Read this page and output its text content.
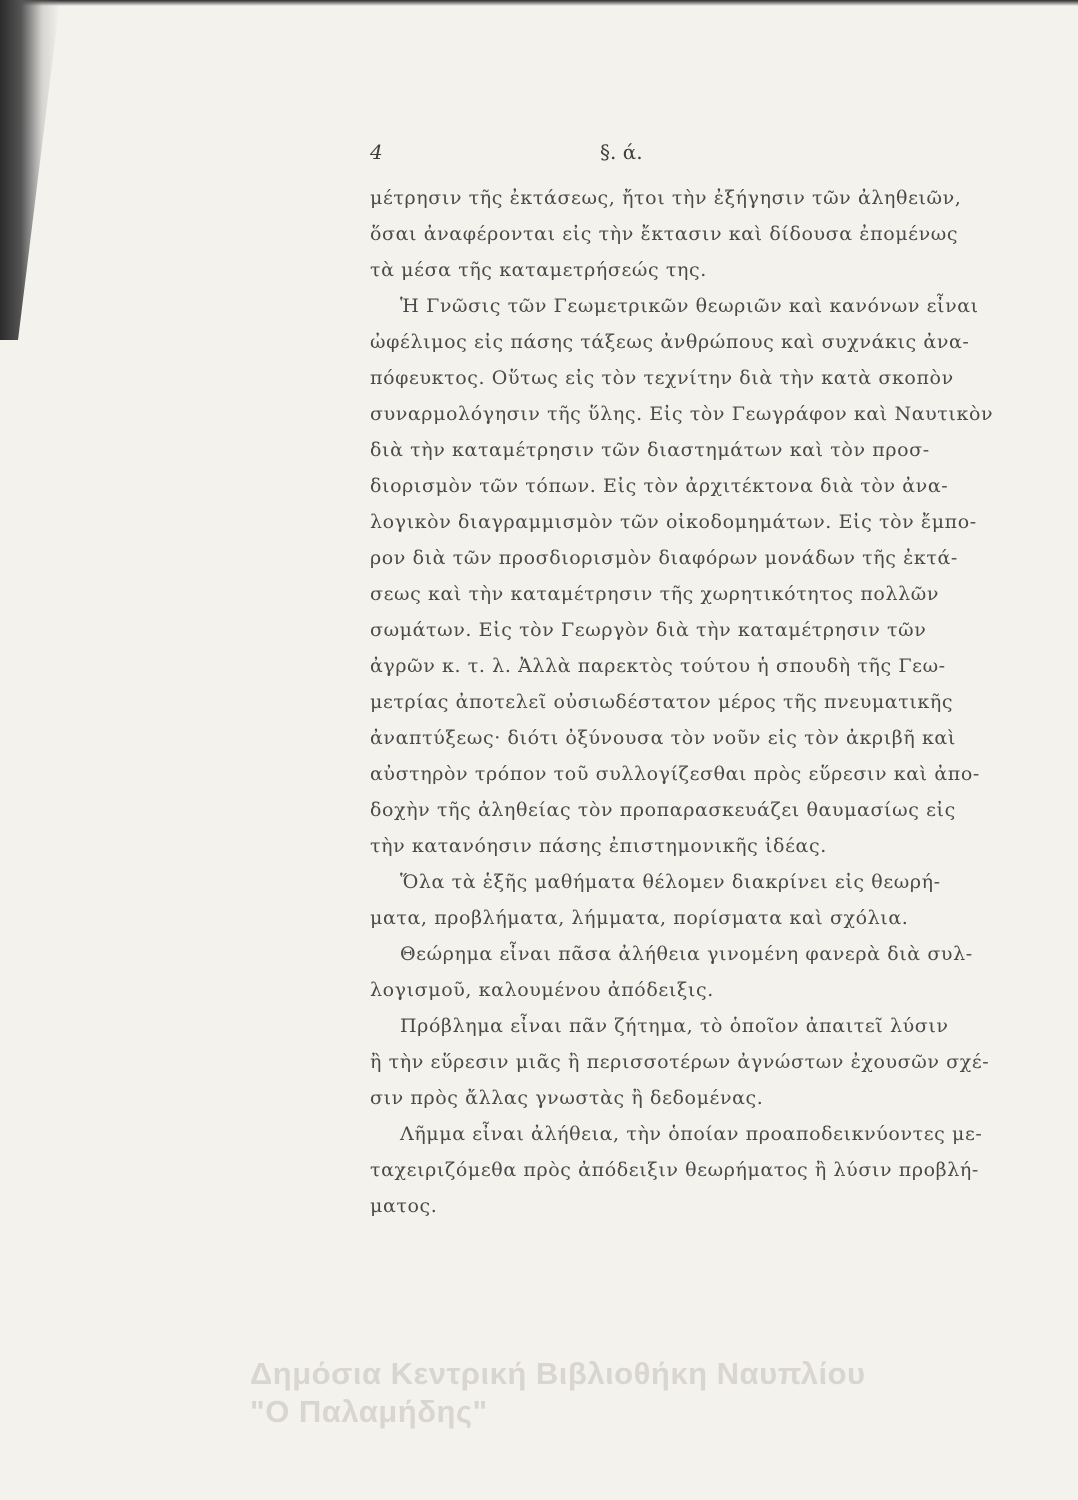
4	§. ά.
μέτρησιν τῆς ἐκτάσεως, ἤτοι τὴν ἐξήγησιν τῶν ἀληθειῶν,
ὅσαι ἀναφέρονται εἰς τὴν ἔκτασιν καὶ δίδουσα ἐπομένως
τὰ μέσα τῆς καταμετρήσεώς της.
Ἡ Γνῶσις τῶν Γεωμετρικῶν θεωριῶν καὶ κανόνων εἶναι
ὠφέλιμος εἰς πάσης τάξεως ἀνθρώπους καὶ συχνάκις ἀνα-
πόφευκτος. Οὕτως εἰς τὸν τεχνίτην διὰ τὴν κατὰ σκοπὸν
συναρμολόγησιν τῆς ὕλης. Εἰς τὸν Γεωγράφον καὶ Ναυτικὸν
διὰ τὴν καταμέτρησιν τῶν διαστημάτων καὶ τὸν προσ-
διορισμὸν τῶν τόπων. Εἰς τὸν ἀρχιτέκτονα διὰ τὸν ἀνα-
λογικὸν διαγραμμισμὸν τῶν οἰκοδομημάτων. Εἰς τὸν ἔμπο-
ρον διὰ τῶν προσδιορισμὸν διαφόρων μονάδων τῆς ἐκτά-
σεως καὶ τὴν καταμέτρησιν τῆς χωρητικότητος πολλῶν
σωμάτων. Εἰς τὸν Γεωργὸν διὰ τὴν καταμέτρησιν τῶν
ἀγρῶν κ. τ. λ. Ἀλλὰ παρεκτὸς τούτου ἡ σπουδὴ τῆς Γεω-
μετρίας ἀποτελεῖ οὐσιωδέστατον μέρος τῆς πνευματικῆς
ἀναπτύξεως· διότι ὀξύνουσα τὸν νοῦν εἰς τὸν ἀκριβῆ καὶ
αὐστηρὸν τρόπον τοῦ συλλογίζεσθαι πρὸς εὕρεσιν καὶ ἀπο-
δοχὴν τῆς ἀληθείας τὸν προπαρασκευάζει θαυμασίως εἰς
τὴν κατανόησιν πάσης ἐπιστημονικῆς ἰδέας.
Ὅλα τὰ ἑξῆς μαθήματα θέλομεν διακρίνει εἰς θεωρή-
ματα, προβλήματα, λήμματα, πορίσματα καὶ σχόλια.
Θεώρημα εἶναι πᾶσα ἀλήθεια γινομένη φανερὰ διὰ συλ-
λογισμοῦ, καλουμένου ἀπόδειξις.
Πρόβλημα εἶναι πᾶν ζήτημα, τὸ ὁποῖον ἀπαιτεῖ λύσιν
ἢ τὴν εὕρεσιν μιᾶς ἢ περισσοτέρων ἀγνώστων ἐχουσῶν σχέ-
σιν πρὸς ἄλλας γνωστὰς ἢ δεδομένας.
Λῆμμα εἶναι ἀλήθεια, τὴν ὁποίαν προαποδεικνύοντες με-
ταχειριζόμεθα πρὸς ἀπόδειξιν θεωρήματος ἢ λύσιν προβλή-
ματος.
Δημόσια Κεντρική Βιβλιοθήκη Ναυπλίου
"Ο Παλαμήδης"
